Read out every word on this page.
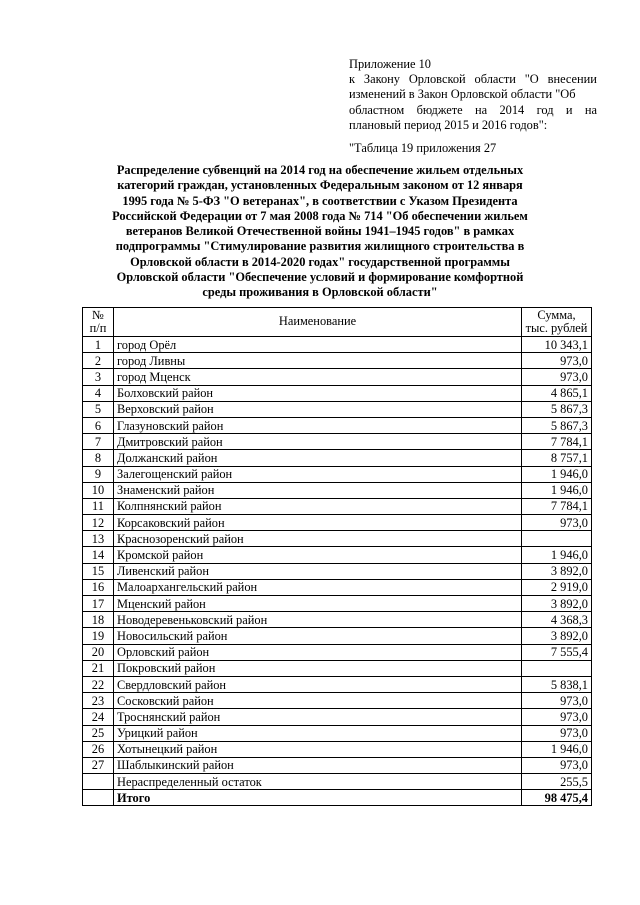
Приложение 10
к Закону Орловской области "О внесении
изменений в Закон Орловской области "Об
областном бюджете на 2014 год и на
плановый период 2015 и 2016 годов":
"Таблица 19 приложения 27
Распределение субвенций на 2014 год на обеспечение жильем отдельных
категорий граждан, установленных Федеральным законом от 12 января
1995 года № 5-ФЗ "О ветеранах", в соответствии с Указом Президента
Российской Федерации от 7 мая 2008 года № 714 "Об обеспечении жильем
ветеранов Великой Отечественной войны 1941–1945 годов" в рамках
подпрограммы "Стимулирование развития жилищного строительства в
Орловской области в 2014-2020 годах" государственной программы
Орловской области "Обеспечение условий и формирование комфортной
среды проживания в Орловской области"
№
п/п	Наименование	Сумма,
тыс. рублей
1	город Орёл	10 343,1
2	город Ливны	973,0
3	город Мценск	973,0
4	Болховский район	4 865,1
5	Верховский район	5 867,3
6	Глазуновский район	5 867,3
7	Дмитровский район	7 784,1
8	Должанский район	8 757,1
9	Залегощенский район	1 946,0
10	Знаменский район	1 946,0
11	Колпнянский район	7 784,1
12	Корсаковский район	973,0
13	Краснозоренский район	
14	Кромской район	1 946,0
15	Ливенский район	3 892,0
16	Малоархангельский район	2 919,0
17	Мценский район	3 892,0
18	Новодеревеньковский район	4 368,3
19	Новосильский район	3 892,0
20	Орловский район	7 555,4
21	Покровский район	
22	Свердловский район	5 838,1
23	Сосковский район	973,0
24	Троснянский район	973,0
25	Урицкий район	973,0
26	Хотынецкий район	1 946,0
27	Шаблыкинский район	973,0
	Нераспределенный остаток	255,5
	Итого	98 475,4
